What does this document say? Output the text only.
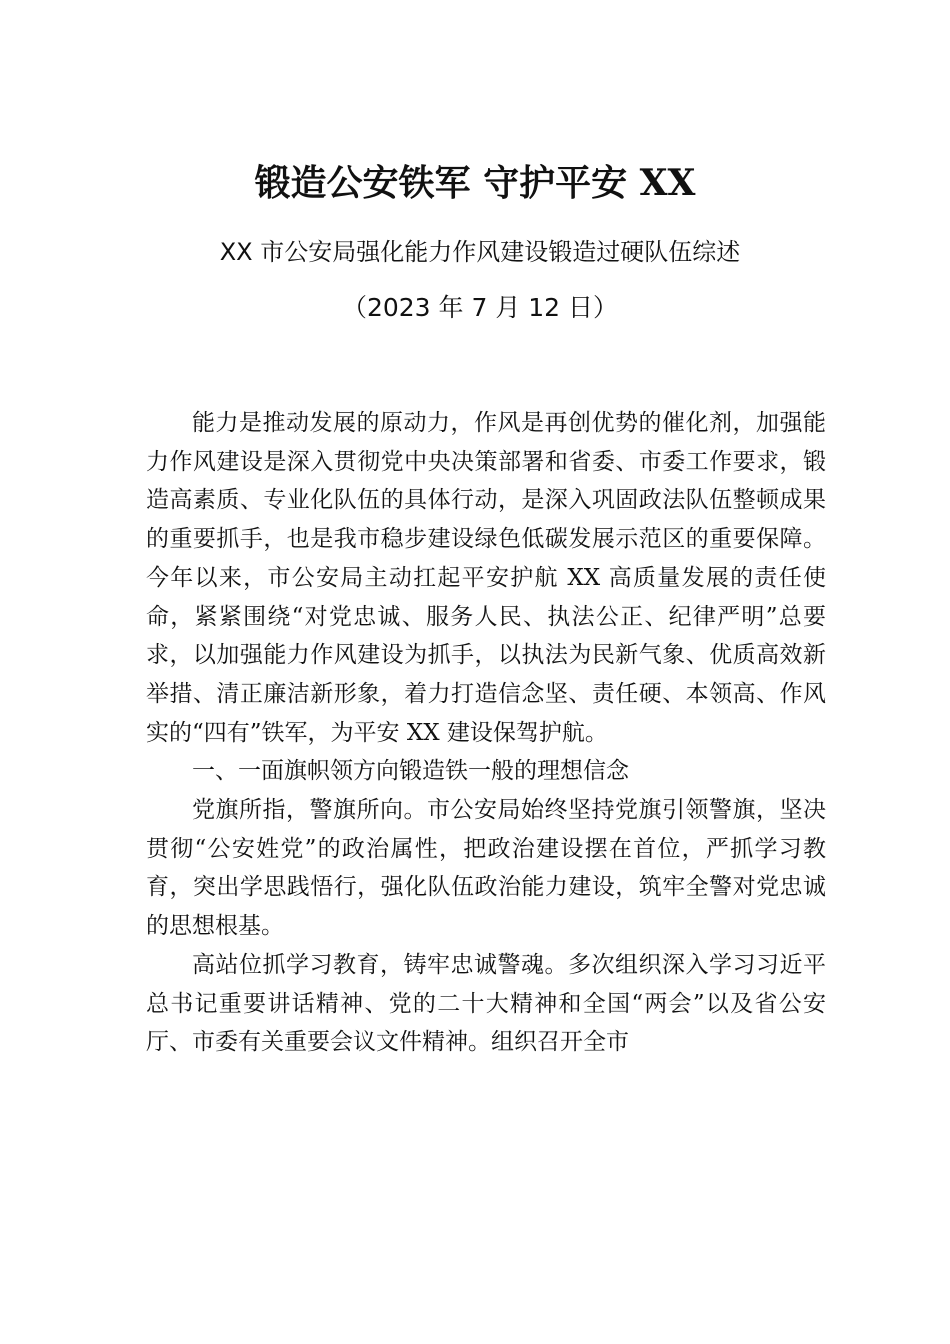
锻造公安铁军 守护平安 XX
XX 市公安局强化能力作风建设锻造过硬队伍综述
（2023 年 7 月 12 日）

能力是推动发展的原动力，作风是再创优势的催化剂，加强能力作风建设是深入贯彻党中央决策部署和省委、市委工作要求，锻造高素质、专业化队伍的具体行动，是深入巩固政法队伍整顿成果的重要抓手，也是我市稳步建设绿色低碳发展示范区的重要保障。今年以来，市公安局主动扛起平安护航 XX 高质量发展的责任使命，紧紧围绕“对党忠诚、服务人民、执法公正、纪律严明”总要求，以加强能力作风建设为抓手，以执法为民新气象、优质高效新举措、清正廉洁新形象，着力打造信念坚、责任硬、本领高、作风实的“四有”铁军，为平安 XX 建设保驾护航。

一、一面旗帜领方向锻造铁一般的理想信念

党旗所指，警旗所向。市公安局始终坚持党旗引领警旗，坚决贯彻“公安姓党”的政治属性，把政治建设摆在首位，严抓学习教育，突出学思践悟行，强化队伍政治能力建设，筑牢全警对党忠诚的思想根基。

高站位抓学习教育，铸牢忠诚警魂。多次组织深入学习习近平总书记重要讲话精神、党的二十大精神和全国“两会”以及省公安厅、市委有关重要会议文件精神。组织召开全市
